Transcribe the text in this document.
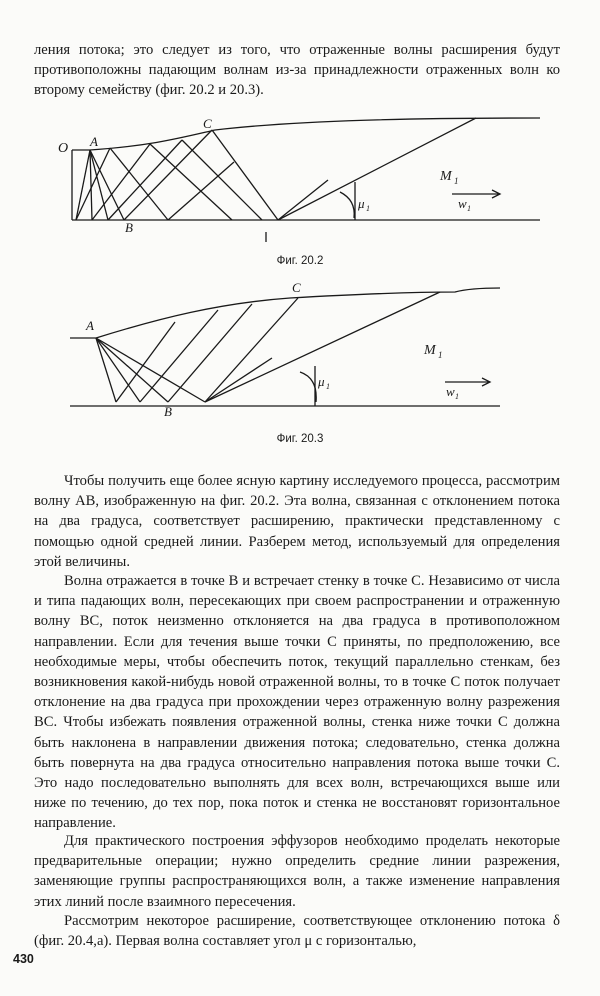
ления потока; это следует из того, что отраженные волны расширения будут противоположны падающим волнам из-за принадлежности отраженных волн ко второму семейству (фиг. 20.2 и 20.3).

O A
B
C
M 1
μ 1	w 1

Фиг. 20.2

A
B
C
M 1
μ 1	w 1

Фиг. 20.3

Чтобы получить еще более ясную картину исследуемого процесса, рассмотрим волну AB, изображенную на фиг. 20.2. Эта волна, связанная с отклонением потока на два градуса, соответствует расширению, практически представленному с помощью одной средней линии. Разберем метод, используемый для определения этой величины.

Волна отражается в точке B и встречает стенку в точке C. Независимо от числа и типа падающих волн, пересекающих при своем распространении и отраженную волну BC, поток неизменно отклоняется на два градуса в противоположном направлении. Если для течения выше точки C приняты, по предположению, все необходимые меры, чтобы обеспечить поток, текущий параллельно стенкам, без возникновения какой-нибудь новой отраженной волны, то в точке C поток получает отклонение на два градуса при прохождении через отраженную волну разрежения BC. Чтобы избежать появления отраженной волны, стенка ниже точки C должна быть наклонена в направлении движения потока; следовательно, стенка должна быть повернута на два градуса относительно направления потока выше точки C. Это надо последовательно выполнять для всех волн, встречающихся выше или ниже по течению, до тех пор, пока поток и стенка не восстановят горизонтальное направление.

Для практического построения эффузоров необходимо проделать некоторые предварительные операции; нужно определить средние линии разрежения, заменяющие группы распространяющихся волн, а также изменение направления этих линий после взаимного пересечения.

Рассмотрим некоторое расширение, соответствующее отклонению потока δ (фиг. 20.4,a). Первая волна составляет угол μ с горизонталью,

430
